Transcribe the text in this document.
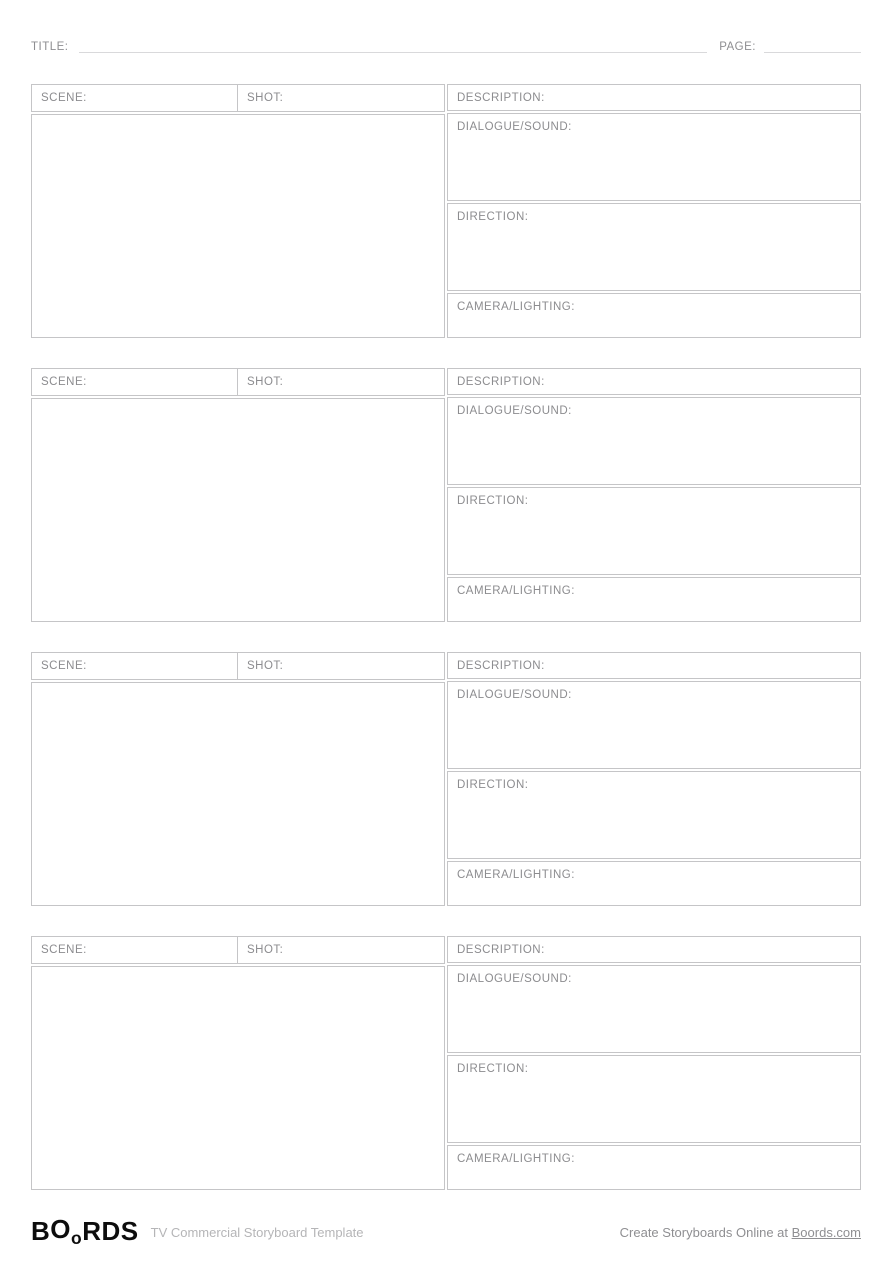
TITLE:	PAGE:
SCENE:	SHOT:	DESCRIPTION:
DIALOGUE/SOUND:
DIRECTION:
CAMERA/LIGHTING:
SCENE:	SHOT:	DESCRIPTION:
DIALOGUE/SOUND:
DIRECTION:
CAMERA/LIGHTING:
SCENE:	SHOT:	DESCRIPTION:
DIALOGUE/SOUND:
DIRECTION:
CAMERA/LIGHTING:
SCENE:	SHOT:	DESCRIPTION:
DIALOGUE/SOUND:
DIRECTION:
CAMERA/LIGHTING:
BOoRDS TV Commercial Storyboard Template	Create Storyboards Online at Boords.com
